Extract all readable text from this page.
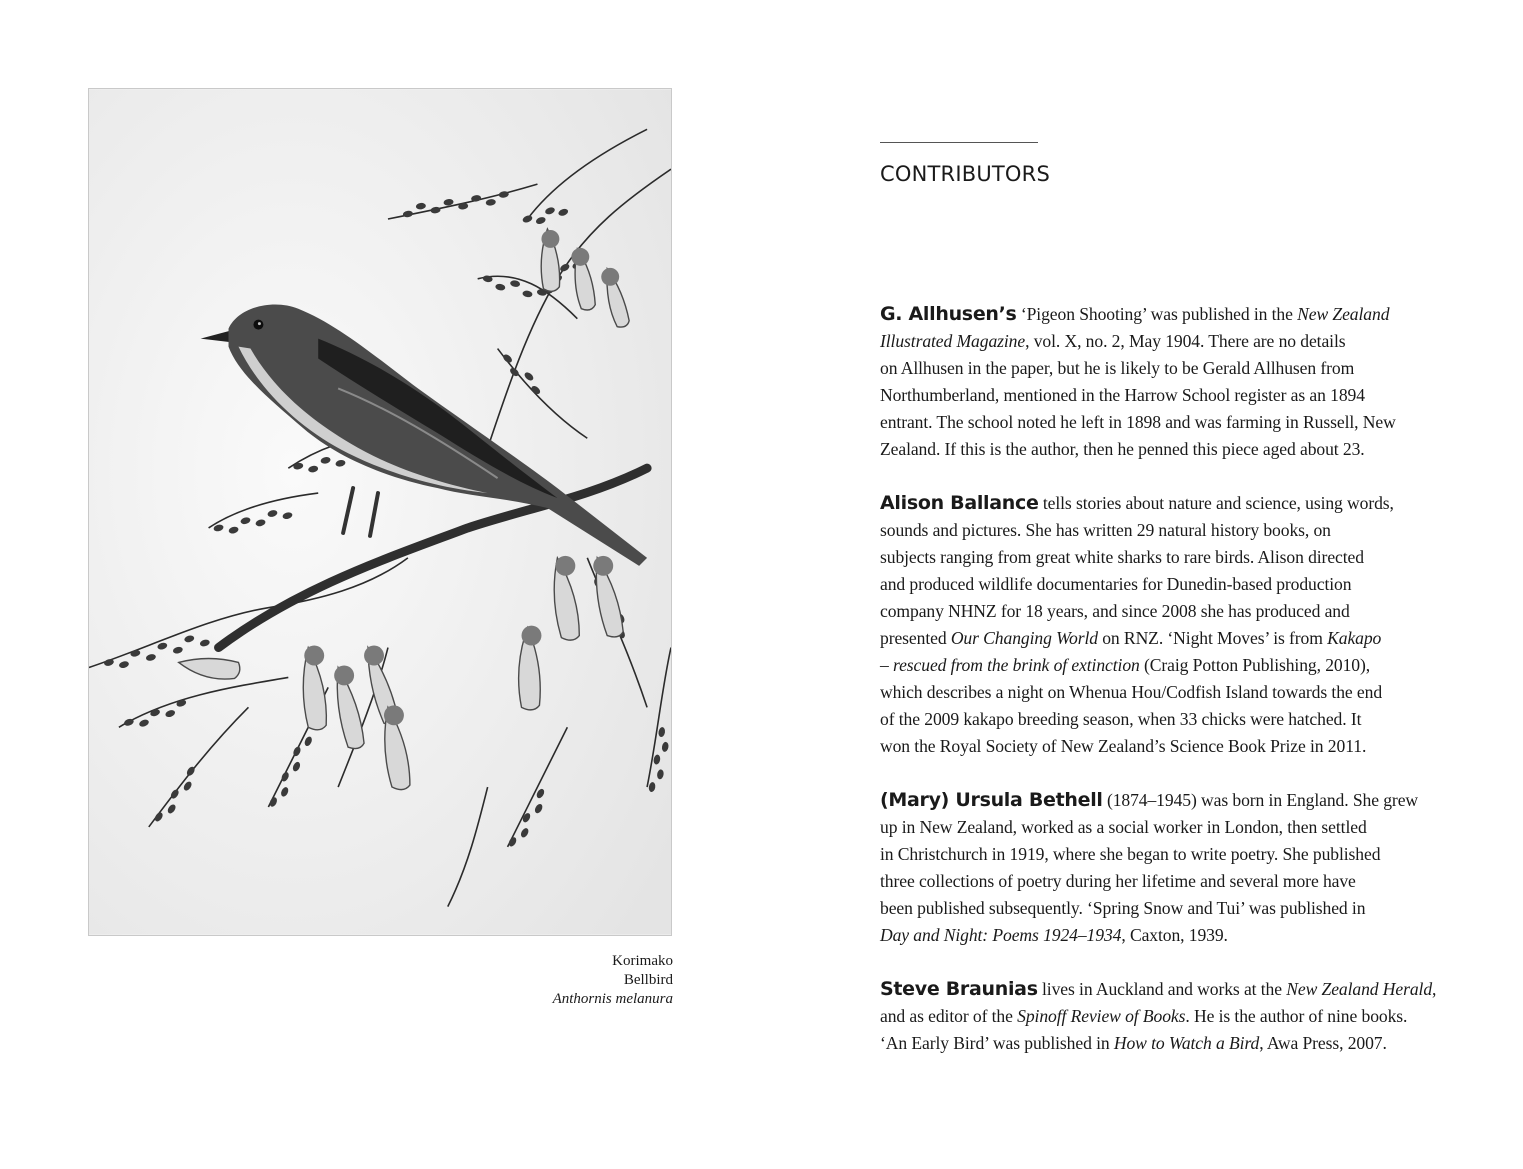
Korimako
Bellbird
Anthornis melanura
CONTRIBUTORS
G. Allhusen’s ‘Pigeon Shooting’ was published in the New Zealand
Illustrated Magazine, vol. X, no. 2, May 1904. There are no details
on Allhusen in the paper, but he is likely to be Gerald Allhusen from
Northumberland, mentioned in the Harrow School register as an 1894
entrant. The school noted he left in 1898 and was farming in Russell, New
Zealand. If this is the author, then he penned this piece aged about 23.
Alison Ballance tells stories about nature and science, using words,
sounds and pictures. She has written 29 natural history books, on
subjects ranging from great white sharks to rare birds. Alison directed
and produced wildlife documentaries for Dunedin-based production
company NHNZ for 18 years, and since 2008 she has produced and
presented Our Changing World on RNZ. ‘Night Moves’ is from Kakapo
– rescued from the brink of extinction (Craig Potton Publishing, 2010),
which describes a night on Whenua Hou/Codfish Island towards the end
of the 2009 kakapo breeding season, when 33 chicks were hatched. It
won the Royal Society of New Zealand’s Science Book Prize in 2011.
(Mary) Ursula Bethell (1874–1945) was born in England. She grew
up in New Zealand, worked as a social worker in London, then settled
in Christchurch in 1919, where she began to write poetry. She published
three collections of poetry during her lifetime and several more have
been published subsequently. ‘Spring Snow and Tui’ was published in
Day and Night: Poems 1924–1934, Caxton, 1939.
Steve Braunias lives in Auckland and works at the New Zealand Herald,
and as editor of the Spinoff Review of Books. He is the author of nine books.
‘An Early Bird’ was published in How to Watch a Bird, Awa Press, 2007.
